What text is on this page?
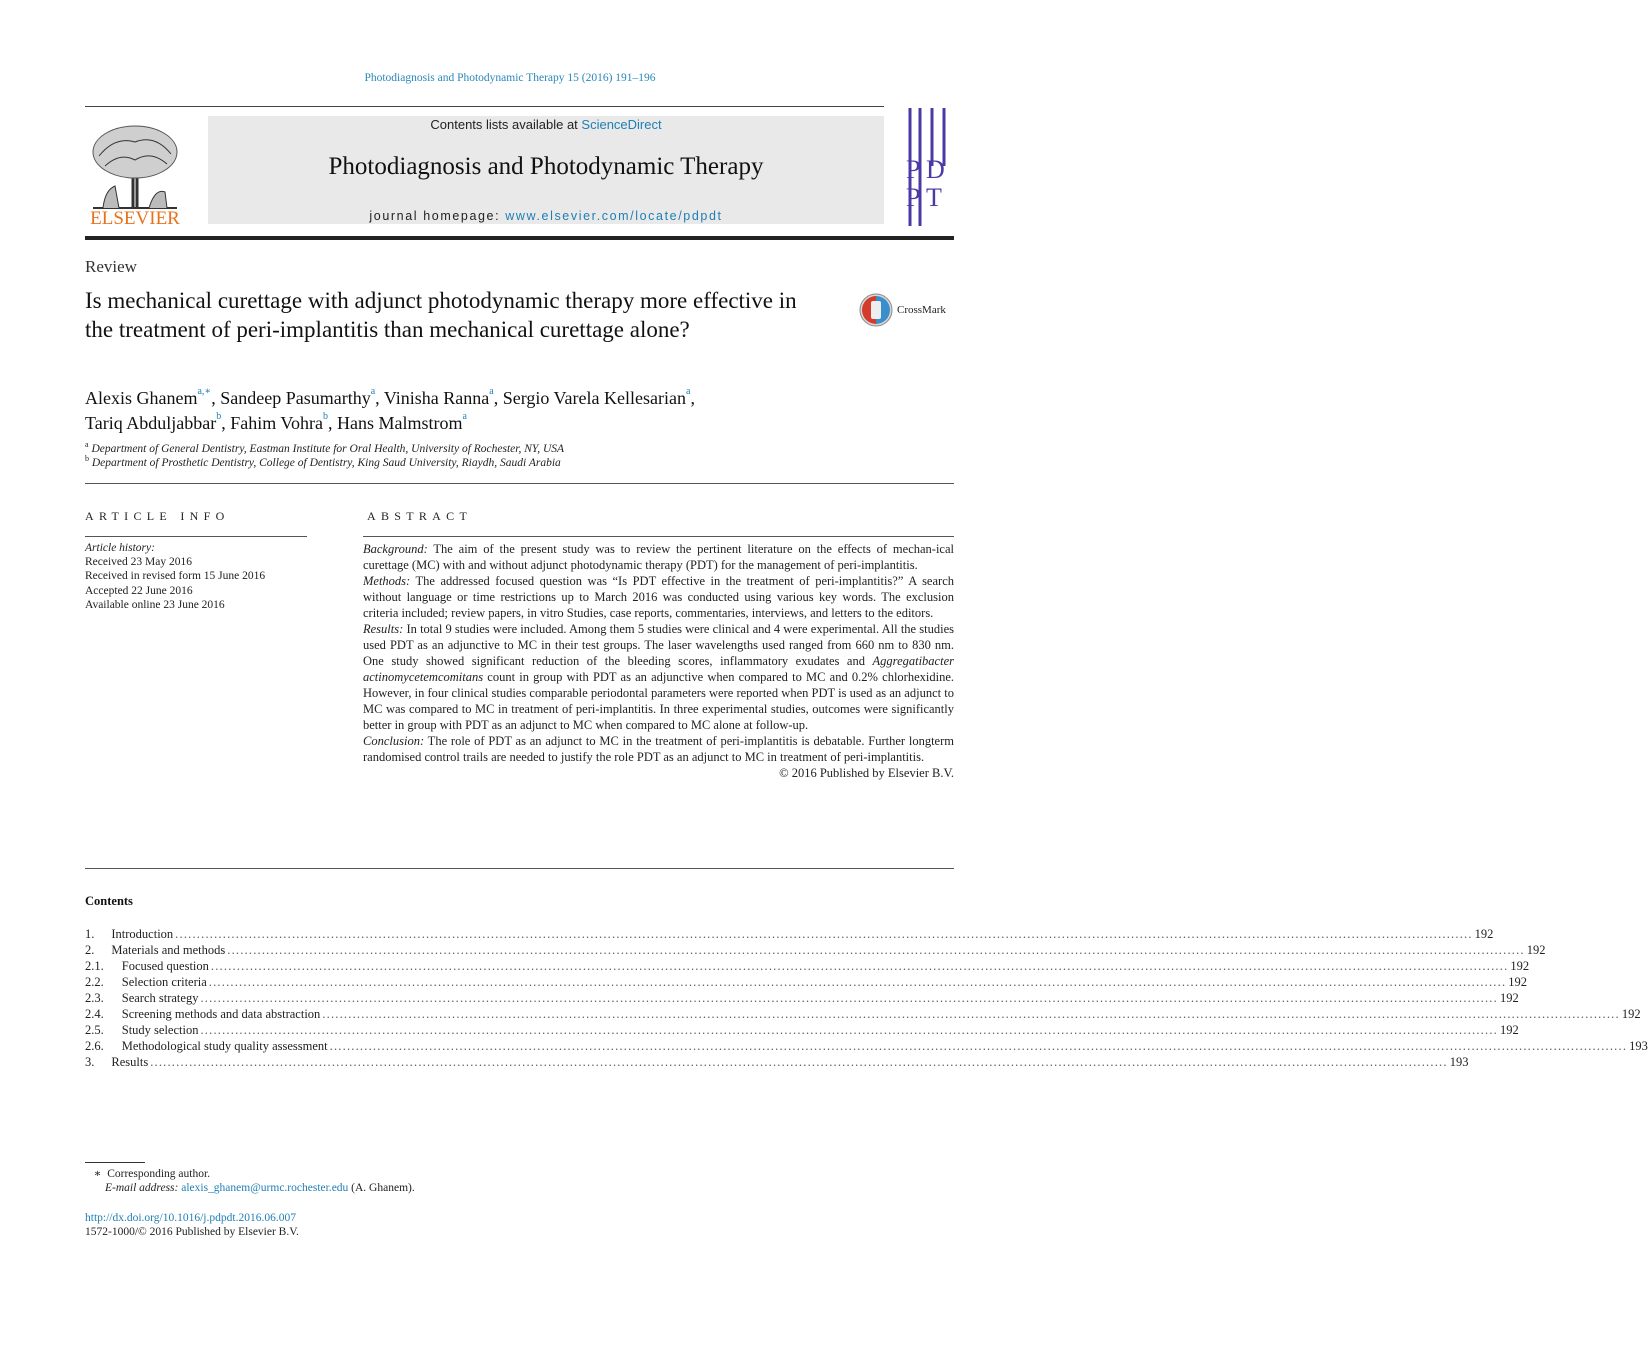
Photodiagnosis and Photodynamic Therapy 15 (2016) 191–196
ELSEVIER
Contents lists available at ScienceDirect
Photodiagnosis and Photodynamic Therapy
journal homepage: www.elsevier.com/locate/pdpdt
P D
P T
Review
Is mechanical curettage with adjunct photodynamic therapy more effective in the treatment of peri-implantitis than mechanical curettage alone?
CrossMark
Alexis Ghanem$^{a,∗}$, Sandeep Pasumarthy$^a$, Vinisha Ranna$^a$, Sergio Varela Kellesarian$^a$,
Tariq Abduljabbar$^b$, Fahim Vohra$^b$, Hans Malmstrom$^a$
$^a$ Department of General Dentistry, Eastman Institute for Oral Health, University of Rochester, NY, USA
$^b$ Department of Prosthetic Dentistry, College of Dentistry, King Saud University, Riaydh, Saudi Arabia
ARTICLE INFO
Article history:
Received 23 May 2016
Received in revised form 15 June 2016
Accepted 22 June 2016
Available online 23 June 2016
ABSTRACT

Background: The aim of the present study was to review the pertinent literature on the effects of mechan-ical curettage (MC) with and without adjunct photodynamic therapy (PDT) for the management of peri-implantitis.

Methods: The addressed focused question was “Is PDT effective in the treatment of peri-implantitis?” A search without language or time restrictions up to March 2016 was conducted using various key words. The exclusion criteria included; review papers, in vitro Studies, case reports, commentaries, interviews, and letters to the editors.

Results: In total 9 studies were included. Among them 5 studies were clinical and 4 were experimental. All the studies used PDT as an adjunctive to MC in their test groups. The laser wavelengths used ranged from 660 nm to 830 nm. One study showed significant reduction of the bleeding scores, inflammatory exudates and Aggregatibacter actinomycetemcomitans count in group with PDT as an adjunctive when compared to MC and 0.2% chlorhexidine. However, in four clinical studies comparable periodontal parameters were reported when PDT is used as an adjunct to MC was compared to MC in treatment of peri-implantitis. In three experimental studies, outcomes were significantly better in group with PDT as an adjunct to MC when compared to MC alone at follow-up.

Conclusion: The role of PDT as an adjunct to MC in the treatment of peri-implantitis is debatable. Further longterm randomised control trails are needed to justify the role PDT as an adjunct to MC in treatment of peri-implantitis.

© 2016 Published by Elsevier B.V.

Contents
1. Introduction ............................................................................................................................................................................................................................................................................................................ 192
2. Materials and methods ............................................................................................................................................................................................................................................................................................................ 192
2.1. Focused question ............................................................................................................................................................................................................................................................................................................ 192
2.2. Selection criteria ............................................................................................................................................................................................................................................................................................................ 192
2.3. Search strategy ............................................................................................................................................................................................................................................................................................................ 192
2.4. Screening methods and data abstraction ............................................................................................................................................................................................................................................................................................................ 192
2.5. Study selection ............................................................................................................................................................................................................................................................................................................ 192
2.6. Methodological study quality assessment ............................................................................................................................................................................................................................................................................................................ 193
3. Results ............................................................................................................................................................................................................................................................................................................ 193
∗ Corresponding author.
E-mail address: alexis_ghanem@urmc.rochester.edu (A. Ghanem).
http://dx.doi.org/10.1016/j.pdpdt.2016.06.007
1572-1000/© 2016 Published by Elsevier B.V.
